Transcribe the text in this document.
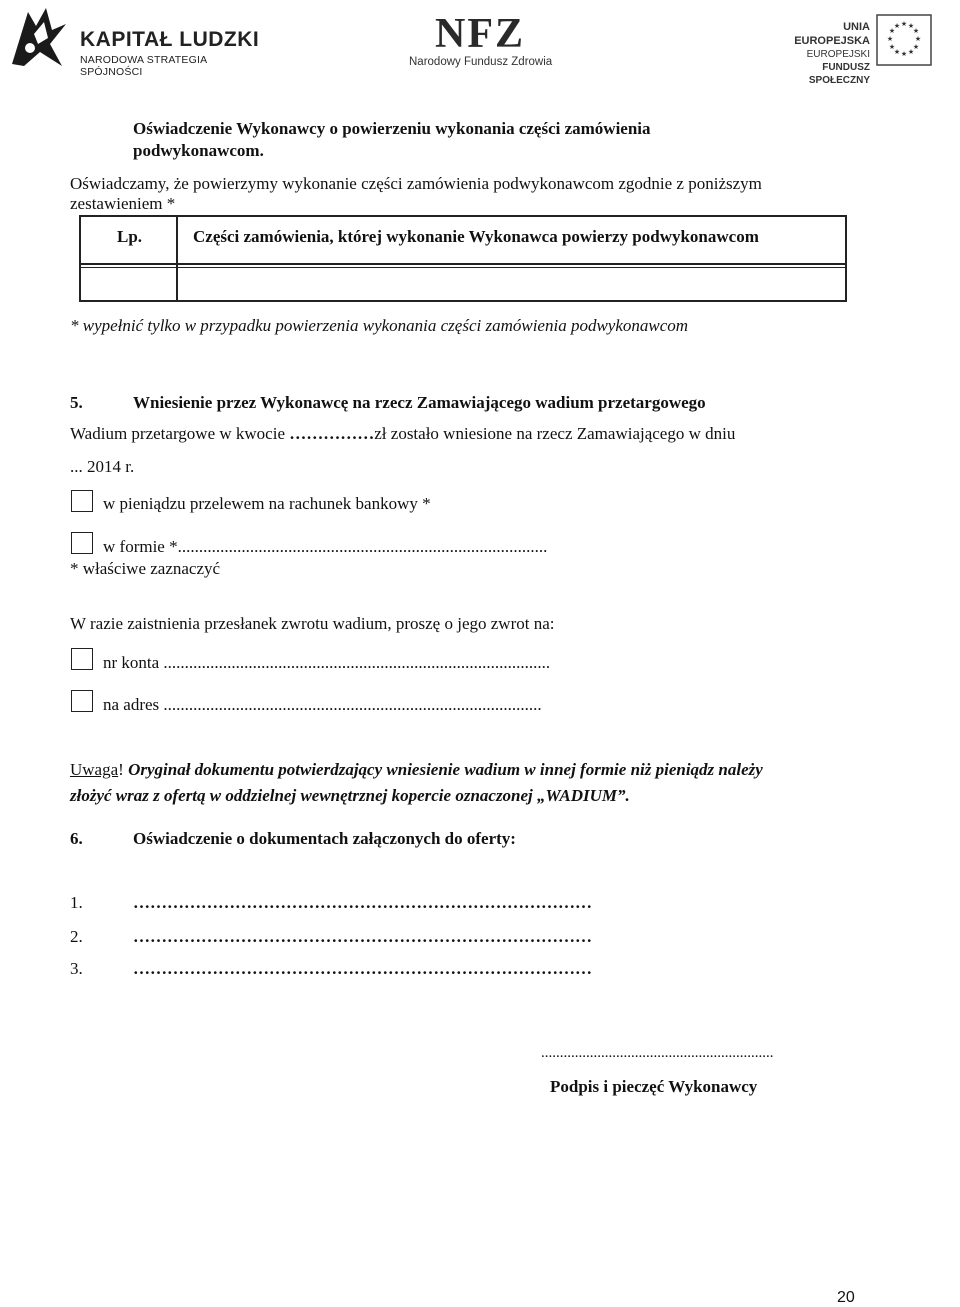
KAPITAŁ LUDZKI
NARODOWA STRATEGIA SPÓJNOŚCI
NFZ
Narodowy Fundusz Zdrowia
UNIA EUROPEJSKA
EUROPEJSKI
FUNDUSZ SPOŁECZNY
★ ★
★
★
★
★
★
★
★
★
★
★
Oświadczenie Wykonawcy o powierzeniu wykonania części zamówienia
podwykonawcom.
Oświadczamy, że powierzymy wykonanie części zamówienia podwykonawcom zgodnie z poniższym
zestawieniem *
Lp.	Części zamówienia, której wykonanie Wykonawca powierzy podwykonawcom
* wypełnić tylko w przypadku powierzenia wykonania części zamówienia podwykonawcom
5.	Wniesienie przez Wykonawcę na rzecz Zamawiającego wadium przetargowego
Wadium przetargowe w kwocie ……………zł zostało wniesione na rzecz Zamawiającego w dniu
... 2014 r.
w pieniądzu przelewem na rachunek bankowy *
w formie *.......................................................................................
* właściwe zaznaczyć
W razie zaistnienia przesłanek zwrotu wadium, proszę o jego zwrot na:
nr konta ...........................................................................................
na adres .........................................................................................
Uwaga! Oryginał dokumentu potwierdzający wniesienie wadium w innej formie niż pieniądz należy
złożyć wraz z ofertą w oddzielnej wewnętrznej kopercie oznaczonej „WADIUM”.
6.	Oświadczenie o dokumentach załączonych do oferty:
1.	………………………………………………………………………
2.	………………………………………………………………………
3.	………………………………………………………………………
..............................................................
Podpis i pieczęć Wykonawcy
20
